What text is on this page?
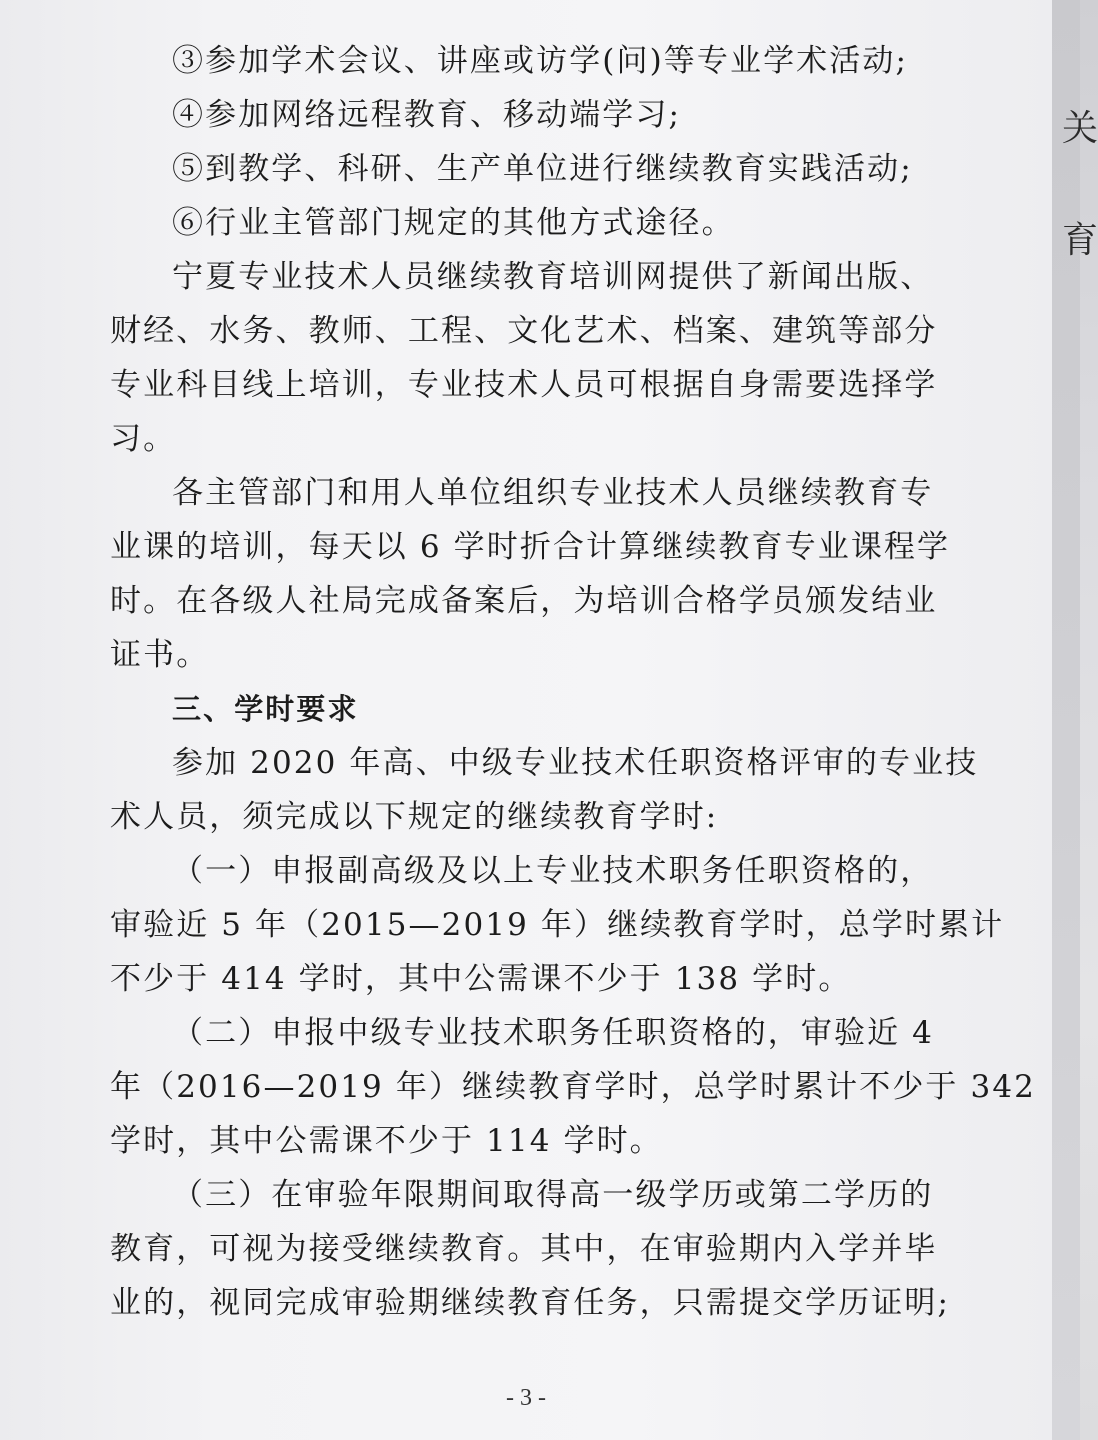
③参加学术会议、讲座或访学(问)等专业学术活动;
④参加网络远程教育、移动端学习;
⑤到教学、科研、生产单位进行继续教育实践活动;
⑥行业主管部门规定的其他方式途径。
宁夏专业技术人员继续教育培训网提供了新闻出版、
财经、水务、教师、工程、文化艺术、档案、建筑等部分
专业科目线上培训，专业技术人员可根据自身需要选择学
习。
各主管部门和用人单位组织专业技术人员继续教育专
业课的培训，每天以 6 学时折合计算继续教育专业课程学
时。在各级人社局完成备案后，为培训合格学员颁发结业
证书。
三、学时要求
参加 2020 年高、中级专业技术任职资格评审的专业技
术人员，须完成以下规定的继续教育学时:
（一）申报副高级及以上专业技术职务任职资格的，
审验近 5 年（2015—2019 年）继续教育学时，总学时累计
不少于 414 学时，其中公需课不少于 138 学时。
（二）申报中级专业技术职务任职资格的，审验近 4
年（2016—2019 年）继续教育学时，总学时累计不少于 342
学时，其中公需课不少于 114 学时。
（三）在审验年限期间取得高一级学历或第二学历的
教育，可视为接受继续教育。其中，在审验期内入学并毕
业的，视同完成审验期继续教育任务，只需提交学历证明;
- 3 -
关
育
